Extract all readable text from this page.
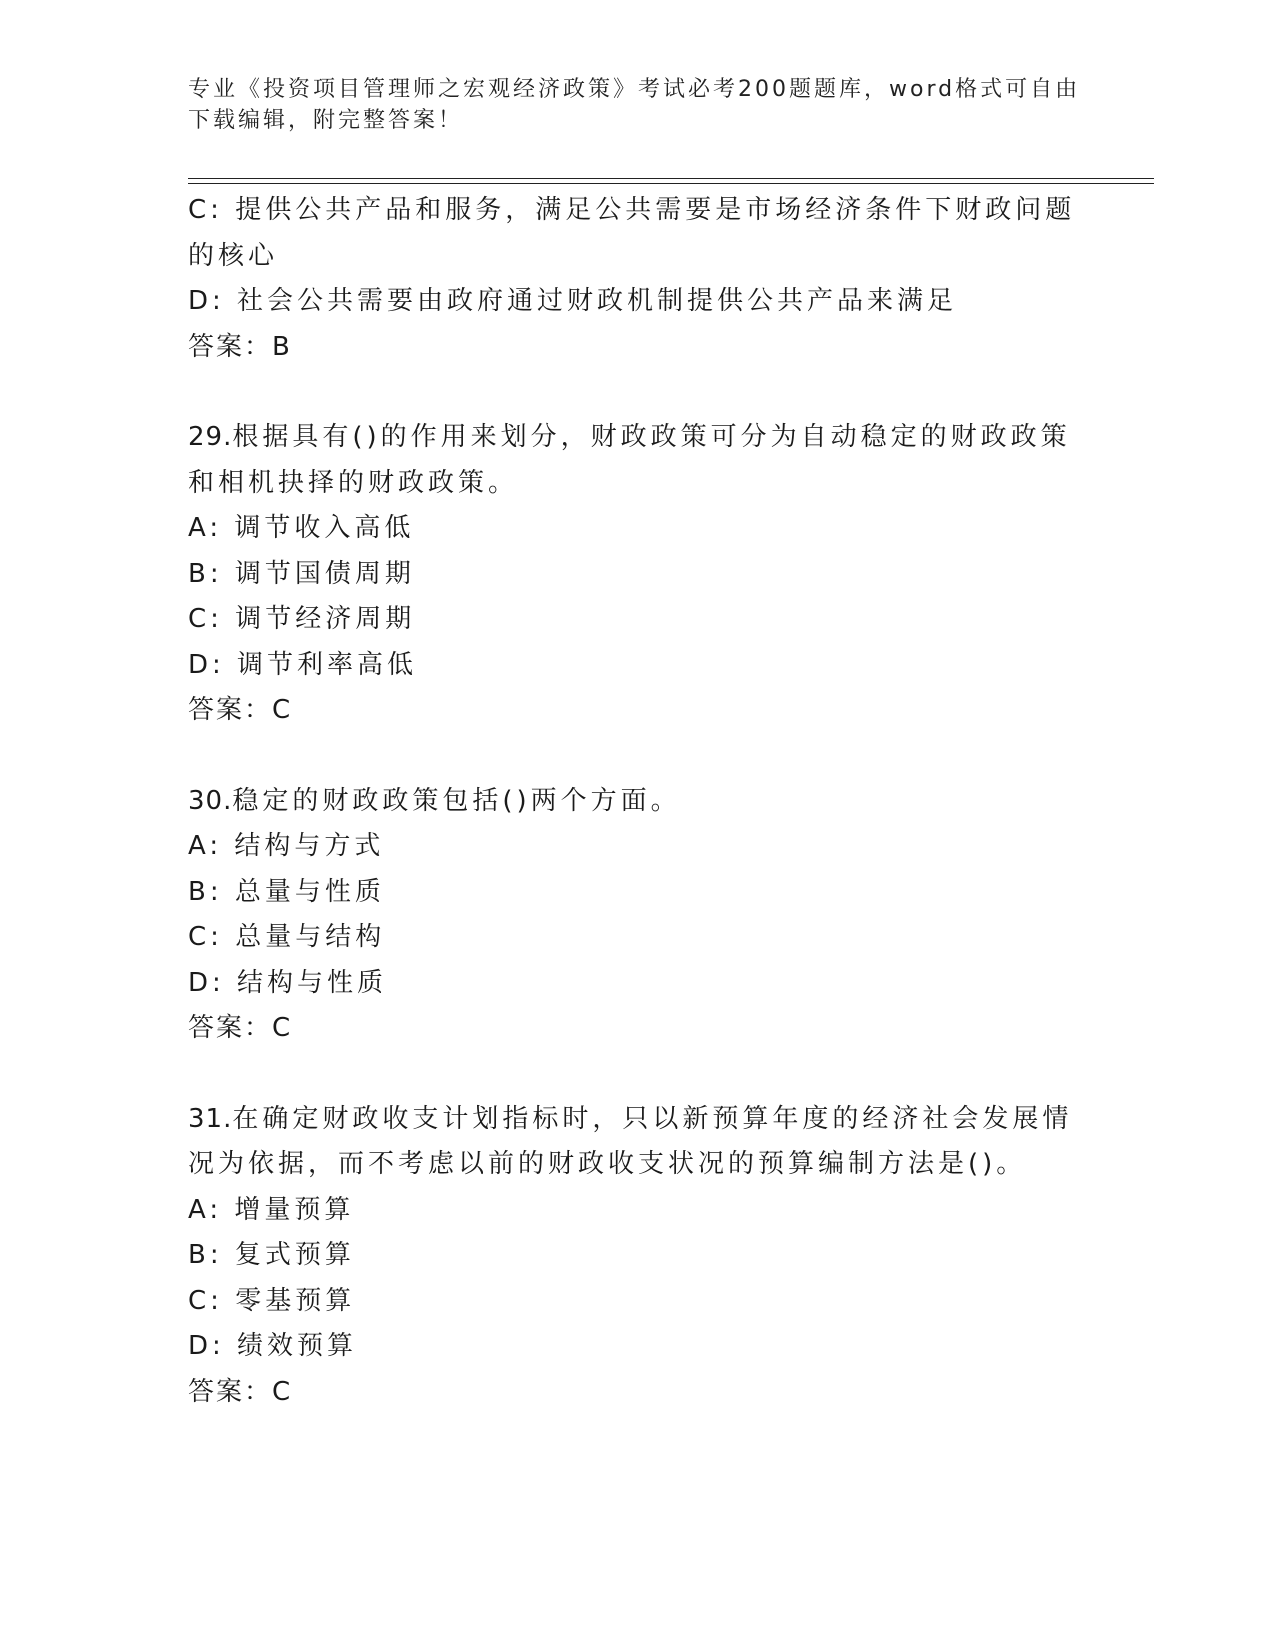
专业《投资项目管理师之宏观经济政策》考试必考200题题库，word格式可自由下载编辑，附完整答案！
C: 提供公共产品和服务，满足公共需要是市场经济条件下财政问题的核心
D: 社会公共需要由政府通过财政机制提供公共产品来满足
答案：B
29.根据具有()的作用来划分，财政政策可分为自动稳定的财政政策和相机抉择的财政政策。
A: 调节收入高低
B: 调节国债周期
C: 调节经济周期
D: 调节利率高低
答案：C
30.稳定的财政政策包括()两个方面。
A: 结构与方式
B: 总量与性质
C: 总量与结构
D: 结构与性质
答案：C
31.在确定财政收支计划指标时，只以新预算年度的经济社会发展情况为依据，而不考虑以前的财政收支状况的预算编制方法是()。
A: 增量预算
B: 复式预算
C: 零基预算
D: 绩效预算
答案：C
